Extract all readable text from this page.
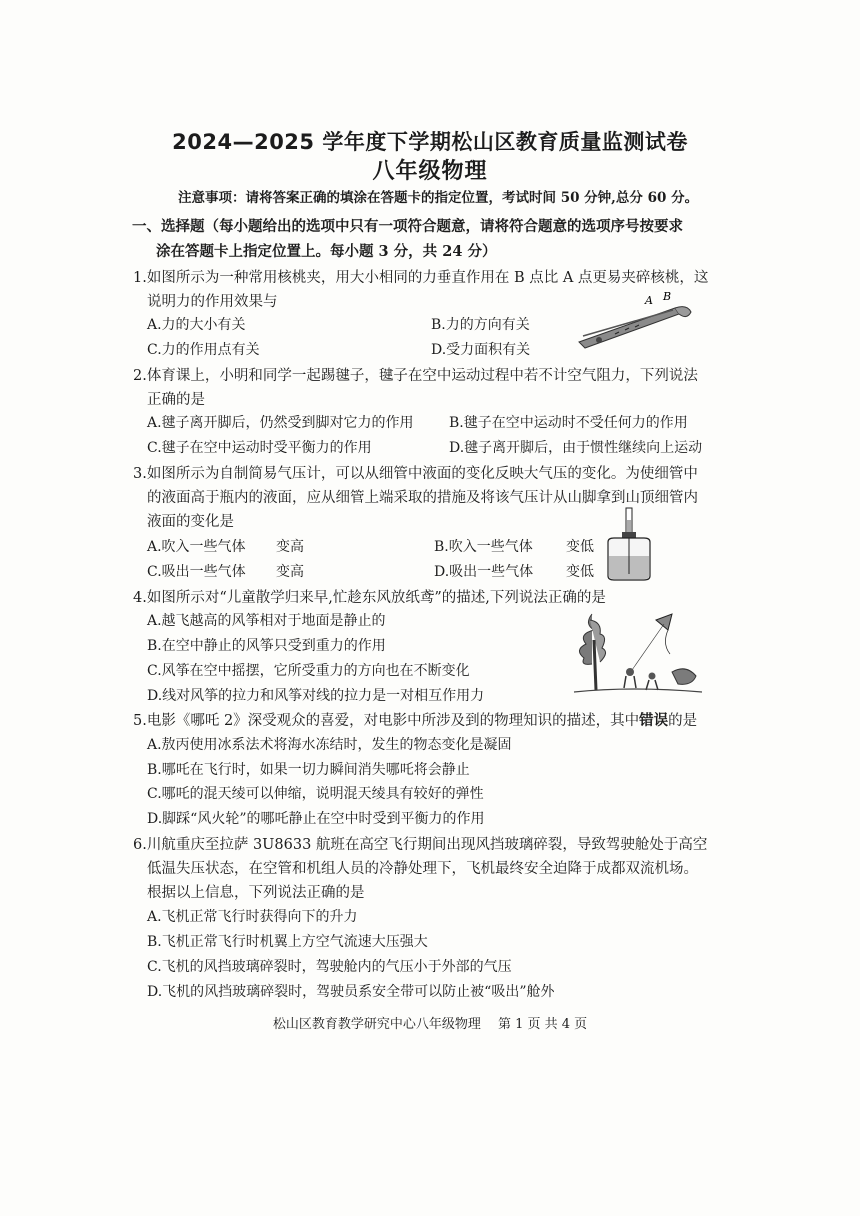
2024—2025 学年度下学期松山区教育质量监测试卷
八年级物理
注意事项：请将答案正确的填涂在答题卡的指定位置，考试时间 50 分钟,总分 60 分。
一、选择题（每小题给出的选项中只有一项符合题意，请将符合题意的选项序号按要求
涂在答题卡上指定位置上。每小题 3 分，共 24 分）
1.如图所示为一种常用核桃夹，用大小相同的力垂直作用在 B 点比 A 点更易夹碎核桃，这
说明力的作用效果与
A.力的大小有关	B.力的方向有关
C.力的作用点有关	D.受力面积有关
A B
2.体育课上，小明和同学一起踢毽子，毽子在空中运动过程中若不计空气阻力，下列说法
正确的是
A.毽子离开脚后，仍然受到脚对它力的作用	B.毽子在空中运动时不受任何力的作用
C.毽子在空中运动时受平衡力的作用	D.毽子离开脚后，由于惯性继续向上运动
3.如图所示为自制简易气压计，可以从细管中液面的变化反映大气压的变化。为使细管中
的液面高于瓶内的液面，应从细管上端采取的措施及将该气压计从山脚拿到山顶细管内
液面的变化是
A.吹入一些气体 变高	B.吹入一些气体 变低
C.吸出一些气体 变高	D.吸出一些气体 变低
4.如图所示对“儿童散学归来早,忙趁东风放纸鸢”的描述,下列说法正确的是
A.越飞越高的风筝相对于地面是静止的
B.在空中静止的风筝只受到重力的作用
C.风筝在空中摇摆，它所受重力的方向也在不断变化
D.线对风筝的拉力和风筝对线的拉力是一对相互作用力
5.电影《哪吒 2》深受观众的喜爱，对电影中所涉及到的物理知识的描述，其中错误的是
A.敖丙使用冰系法术将海水冻结时，发生的物态变化是凝固
B.哪吒在飞行时，如果一切力瞬间消失哪吒将会静止
C.哪吒的混天绫可以伸缩，说明混天绫具有较好的弹性
D.脚踩“风火轮”的哪吒静止在空中时受到平衡力的作用
6.川航重庆至拉萨 3U8633 航班在高空飞行期间出现风挡玻璃碎裂，导致驾驶舱处于高空
低温失压状态，在空管和机组人员的冷静处理下，飞机最终安全迫降于成都双流机场。
根据以上信息，下列说法正确的是
A.飞机正常飞行时获得向下的升力
B.飞机正常飞行时机翼上方空气流速大压强大
C.飞机的风挡玻璃碎裂时，驾驶舱内的气压小于外部的气压
D.飞机的风挡玻璃碎裂时，驾驶员系安全带可以防止被“吸出”舱外
松山区教育教学研究中心八年级物理　 第 1 页 共 4 页
